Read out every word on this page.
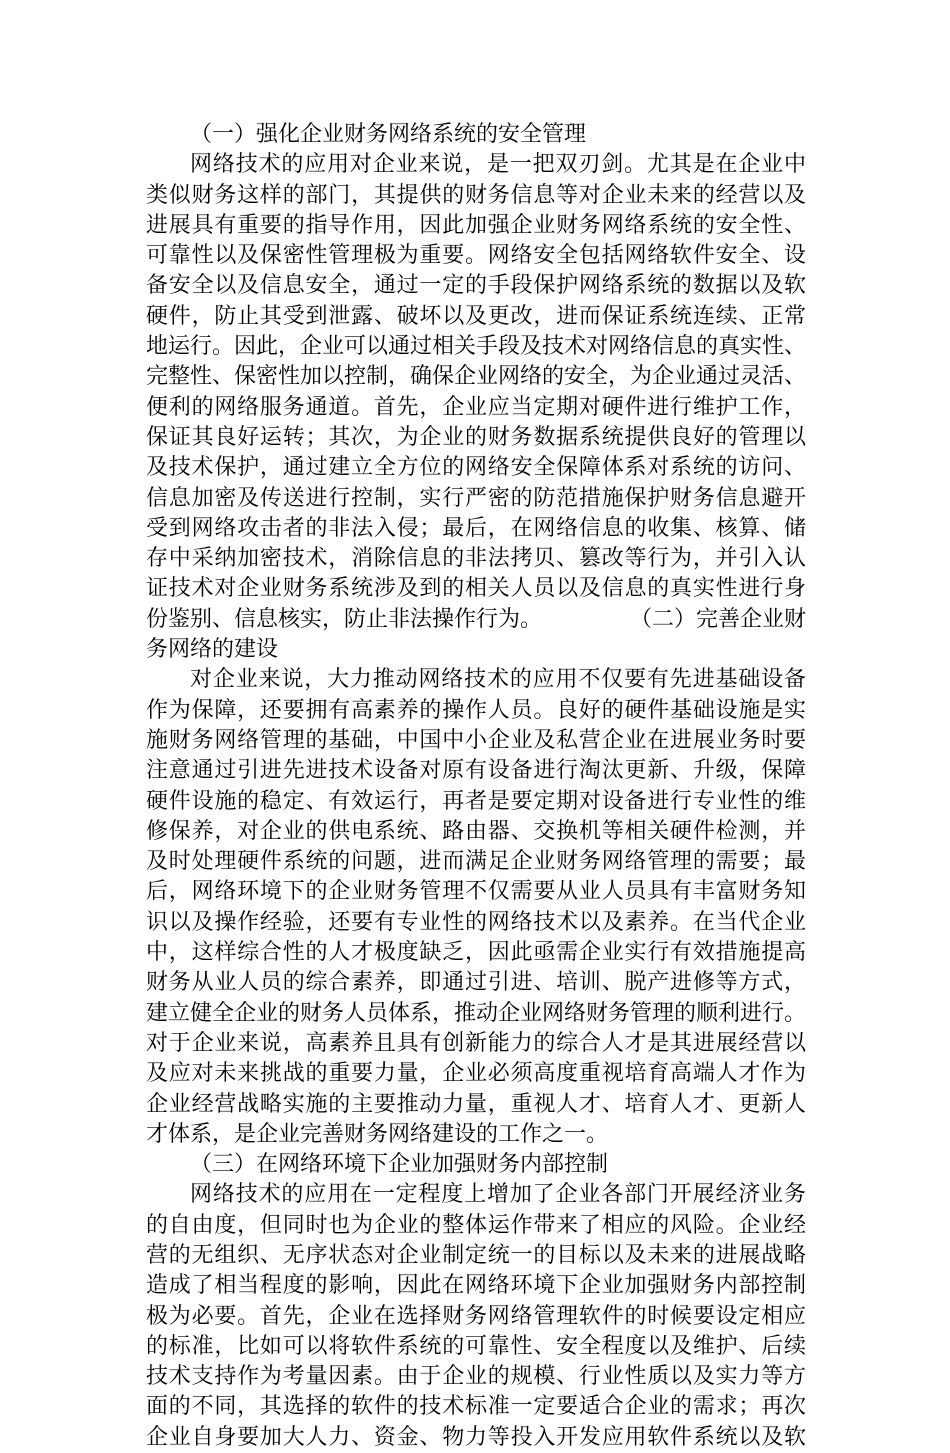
（一）强化企业财务网络系统的安全管理
网络技术的应用对企业来说，是一把双刃剑。尤其是在企业中
类似财务这样的部门，其提供的财务信息等对企业未来的经营以及
进展具有重要的指导作用，因此加强企业财务网络系统的安全性、
可靠性以及保密性管理极为重要。网络安全包括网络软件安全、设
备安全以及信息安全，通过一定的手段保护网络系统的数据以及软
硬件，防止其受到泄露、破坏以及更改，进而保证系统连续、正常
地运行。因此，企业可以通过相关手段及技术对网络信息的真实性、
完整性、保密性加以控制，确保企业网络的安全，为企业通过灵活、
便利的网络服务通道。首先，企业应当定期对硬件进行维护工作，
保证其良好运转；其次，为企业的财务数据系统提供良好的管理以
及技术保护，通过建立全方位的网络安全保障体系对系统的访问、
信息加密及传送进行控制，实行严密的防范措施保护财务信息避开
受到网络攻击者的非法入侵；最后，在网络信息的收集、核算、储
存中采纳加密技术，消除信息的非法拷贝、篡改等行为，并引入认
证技术对企业财务系统涉及到的相关人员以及信息的真实性进行身
份鉴别、信息核实，防止非法操作行为。	（二）完善企业财
务网络的建设
对企业来说，大力推动网络技术的应用不仅要有先进基础设备
作为保障，还要拥有高素养的操作人员。良好的硬件基础设施是实
施财务网络管理的基础，中国中小企业及私营企业在进展业务时要
注意通过引进先进技术设备对原有设备进行淘汰更新、升级，保障
硬件设施的稳定、有效运行，再者是要定期对设备进行专业性的维
修保养，对企业的供电系统、路由器、交换机等相关硬件检测，并
及时处理硬件系统的问题，进而满足企业财务网络管理的需要；最
后，网络环境下的企业财务管理不仅需要从业人员具有丰富财务知
识以及操作经验，还要有专业性的网络技术以及素养。在当代企业
中，这样综合性的人才极度缺乏，因此亟需企业实行有效措施提高
财务从业人员的综合素养，即通过引进、培训、脱产进修等方式，
建立健全企业的财务人员体系，推动企业网络财务管理的顺利进行。
对于企业来说，高素养且具有创新能力的综合人才是其进展经营以
及应对未来挑战的重要力量，企业必须高度重视培育高端人才作为
企业经营战略实施的主要推动力量，重视人才、培育人才、更新人
才体系，是企业完善财务网络建设的工作之一。
（三）在网络环境下企业加强财务内部控制
网络技术的应用在一定程度上增加了企业各部门开展经济业务
的自由度，但同时也为企业的整体运作带来了相应的风险。企业经
营的无组织、无序状态对企业制定统一的目标以及未来的进展战略
造成了相当程度的影响，因此在网络环境下企业加强财务内部控制
极为必要。首先，企业在选择财务网络管理软件的时候要设定相应
的标准，比如可以将软件系统的可靠性、安全程度以及维护、后续
技术支持作为考量因素。由于企业的规模、行业性质以及实力等方
面的不同，其选择的软件的技术标准一定要适合企业的需求；再次
企业自身要加大人力、资金、物力等投入开发应用软件系统以及软
